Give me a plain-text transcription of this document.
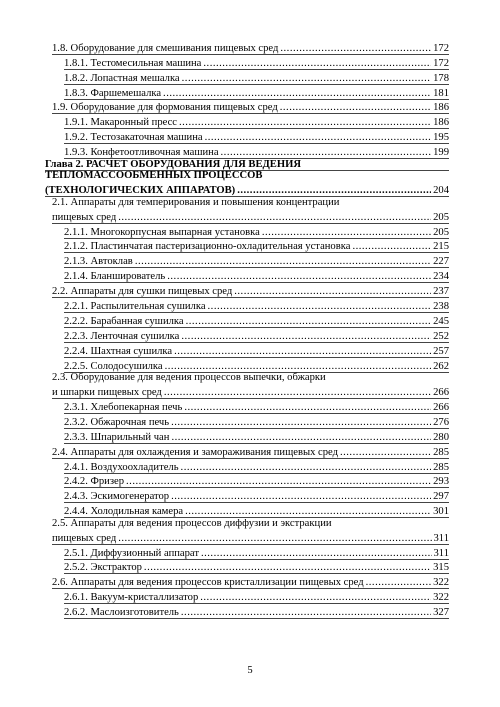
1.8. Оборудование для смешивания пищевых сред .....	172
1.8.1. Тестомесильная машина .....	172
1.8.2. Лопастная мешалка .....	178
1.8.3. Фаршемешалка .....	181
1.9. Оборудование для формования пищевых сред .....	186
1.9.1. Макаронный пресс .....	186
1.9.2. Тестозакаточная машина .....	195
1.9.3. Конфетоотливочная машина .....	199
Глава 2. РАСЧЕТ ОБОРУДОВАНИЯ ДЛЯ ВЕДЕНИЯ
ТЕПЛОМАССООБМЕННЫХ ПРОЦЕССОВ
(ТЕХНОЛОГИЧЕСКИХ АППАРАТОВ) .....	204
2.1. Аппараты для темперирования и повышения концентрации
пищевых сред .....	205
2.1.1. Многокорпусная выпарная установка .....	205
2.1.2. Пластинчатая пастеризационно-охладительная установка .....	215
2.1.3. Автоклав .....	227
2.1.4. Бланширователь .....	234
2.2. Аппараты для сушки пищевых сред .....	237
2.2.1. Распылительная сушилка .....	238
2.2.2. Барабанная сушилка .....	245
2.2.3. Ленточная сушилка .....	252
2.2.4. Шахтная сушилка .....	257
2.2.5. Солодосушилка .....	262
2.3. Оборудование для ведения процессов выпечки, обжарки
и шпарки пищевых сред .....	266
2.3.1. Хлебопекарная печь .....	266
2.3.2. Обжарочная печь .....	276
2.3.3. Шпарильный чан .....	280
2.4. Аппараты для охлаждения и замораживания пищевых сред .....	285
2.4.1. Воздухоохладитель .....	285
2.4.2. Фризер .....	293
2.4.3. Эскимогенератор .....	297
2.4.4. Холодильная камера .....	301
2.5. Аппараты для ведения процессов диффузии и экстракции
пищевых сред .....	311
2.5.1. Диффузионный аппарат .....	311
2.5.2. Экстрактор .....	315
2.6. Аппараты для ведения процессов кристаллизации пищевых сред .....	322
2.6.1. Вакуум-кристаллизатор .....	322
2.6.2. Маслоизготовитель .....	327
5
